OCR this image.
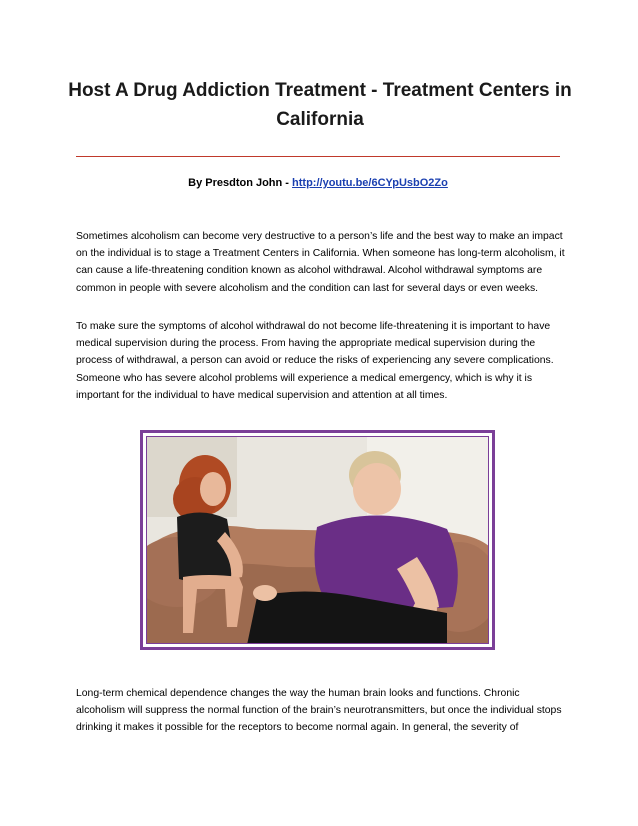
Host A Drug Addiction Treatment - Treatment Centers in California
By Presdton John - http://youtu.be/6CYpUsbO2Zo

Sometimes alcoholism can become very destructive to a person’s life and the best way to make an impact on the individual is to stage a Treatment Centers in California. When someone has long-term alcoholism, it can cause a life-threatening condition known as alcohol withdrawal. Alcohol withdrawal symptoms are common in people with severe alcoholism and the condition can last for several days or even weeks.

To make sure the symptoms of alcohol withdrawal do not become life-threatening it is important to have medical supervision during the process. From having the appropriate medical supervision during the process of withdrawal, a person can avoid or reduce the risks of experiencing any severe complications. Someone who has severe alcohol problems will experience a medical emergency, which is why it is important for the individual to have medical supervision and attention at all times.

Long-term chemical dependence changes the way the human brain looks and functions. Chronic alcoholism will suppress the normal function of the brain’s neurotransmitters, but once the individual stops drinking it makes it possible for the receptors to become normal again. In general, the severity of
